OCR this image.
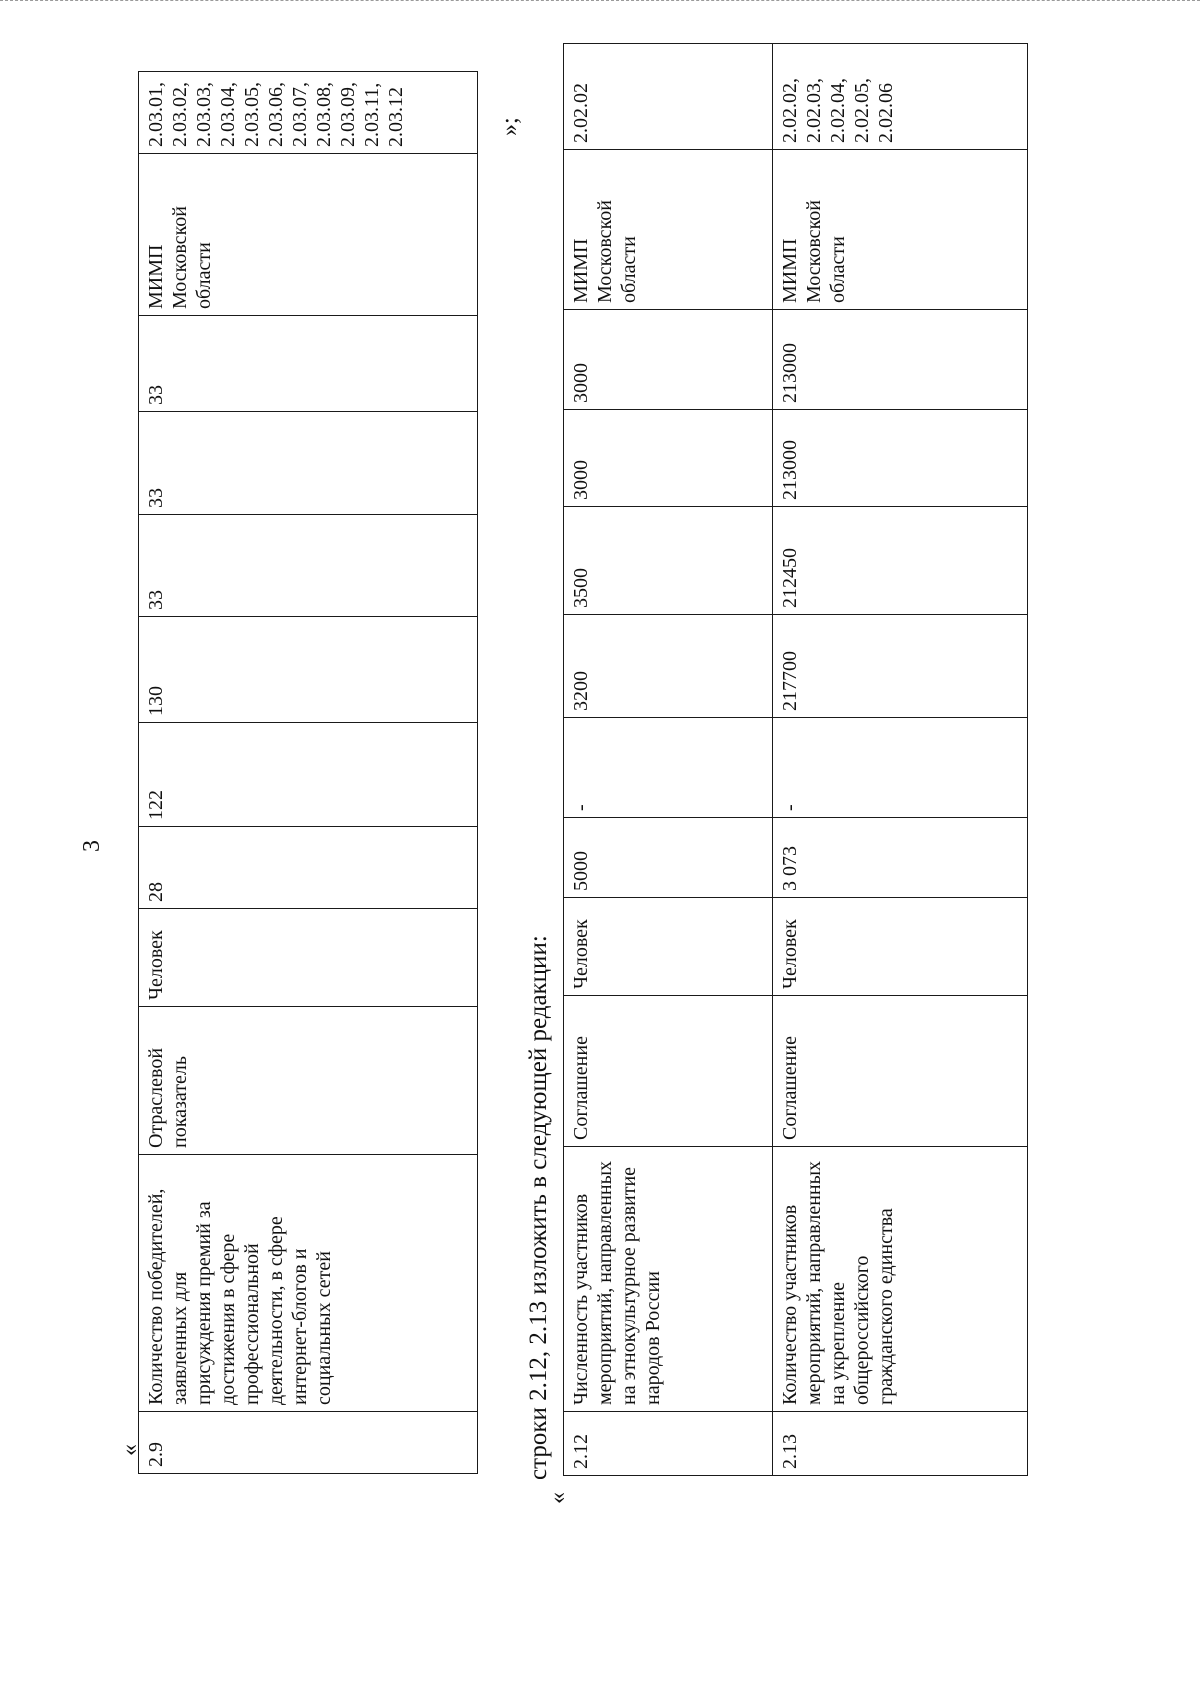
3
« 2.9	Количество победителей, заявленных для присуждения премий за достижения в сфере профессиональной деятельности, в сфере интернет-блогов и социальных сетей	Отраслевой показатель	Человек	28	122	130	33	33	33	МИМП Московской области	2.03.01, 2.03.02, 2.03.03, 2.03.04, 2.03.05, 2.03.06, 2.03.07, 2.03.08, 2.03.09, 2.03.11, 2.03.12	»;
строки 2.12, 2.13 изложить в следующей редакции:
«
2.12	Численность участников мероприятий, направленных на этнокультурное развитие народов России	Соглашение	Человек	5000	-	3200	3500	3000	3000	МИМП Московской области	2.02.02
2.13	Количество участников мероприятий, направленных на укрепление общероссийского гражданского единства	Соглашение	Человек	3 073	-	217700	212450	213000	213000	МИМП Московской области	2.02.02, 2.02.03, 2.02.04, 2.02.05, 2.02.06
